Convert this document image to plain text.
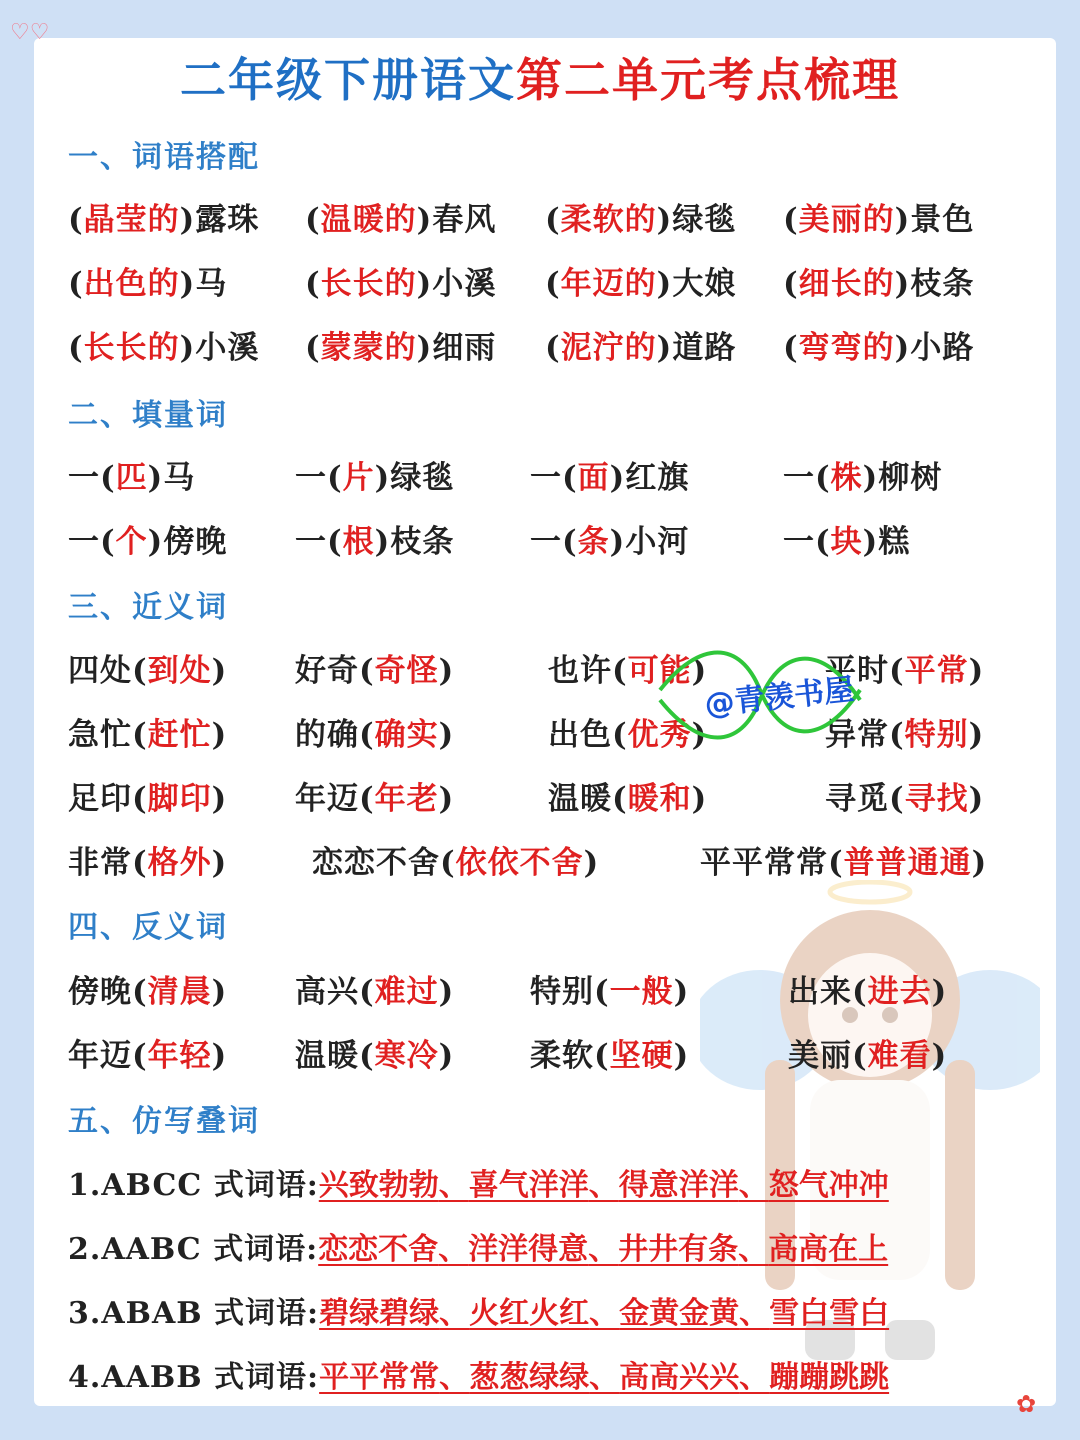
♡♡
✿
二年级下册语文第二单元考点梳理
一、词语搭配
(晶莹的)露珠 (温暖的)春风 (柔软的)绿毯 (美丽的)景色
(出色的)马	(长长的)小溪 (年迈的)大娘 (细长的)枝条
(长长的)小溪 (蒙蒙的)细雨 (泥泞的)道路 (弯弯的)小路
二、填量词
一(匹)马	一(片)绿毯 一(面)红旗	一(株)柳树
一(个)傍晚 一(根)枝条 一(条)小河	一(块)糕
三、近义词
四处(到处) 好奇(奇怪)	也许(可能)	平时(平常)
急忙(赶忙) 的确(确实)	出色(优秀)	异常(特别)
足印(脚印) 年迈(年老)	温暖(暖和)	寻觅(寻找)
非常(格外)	恋恋不舍(依依不舍)	平平常常(普普通通)
@青羡书屋
四、反义词
傍晚(清晨) 高兴(难过) 特别(一般)	出来(进去)
年迈(年轻) 温暖(寒冷) 柔软(坚硬)	美丽(难看)
五、仿写叠词
1.ABCC 式词语:兴致勃勃、喜气洋洋、得意洋洋、怒气冲冲
2.AABC 式词语:恋恋不舍、洋洋得意、井井有条、高高在上
3.ABAB 式词语:碧绿碧绿、火红火红、金黄金黄、雪白雪白
4.AABB 式词语:平平常常、葱葱绿绿、高高兴兴、蹦蹦跳跳
